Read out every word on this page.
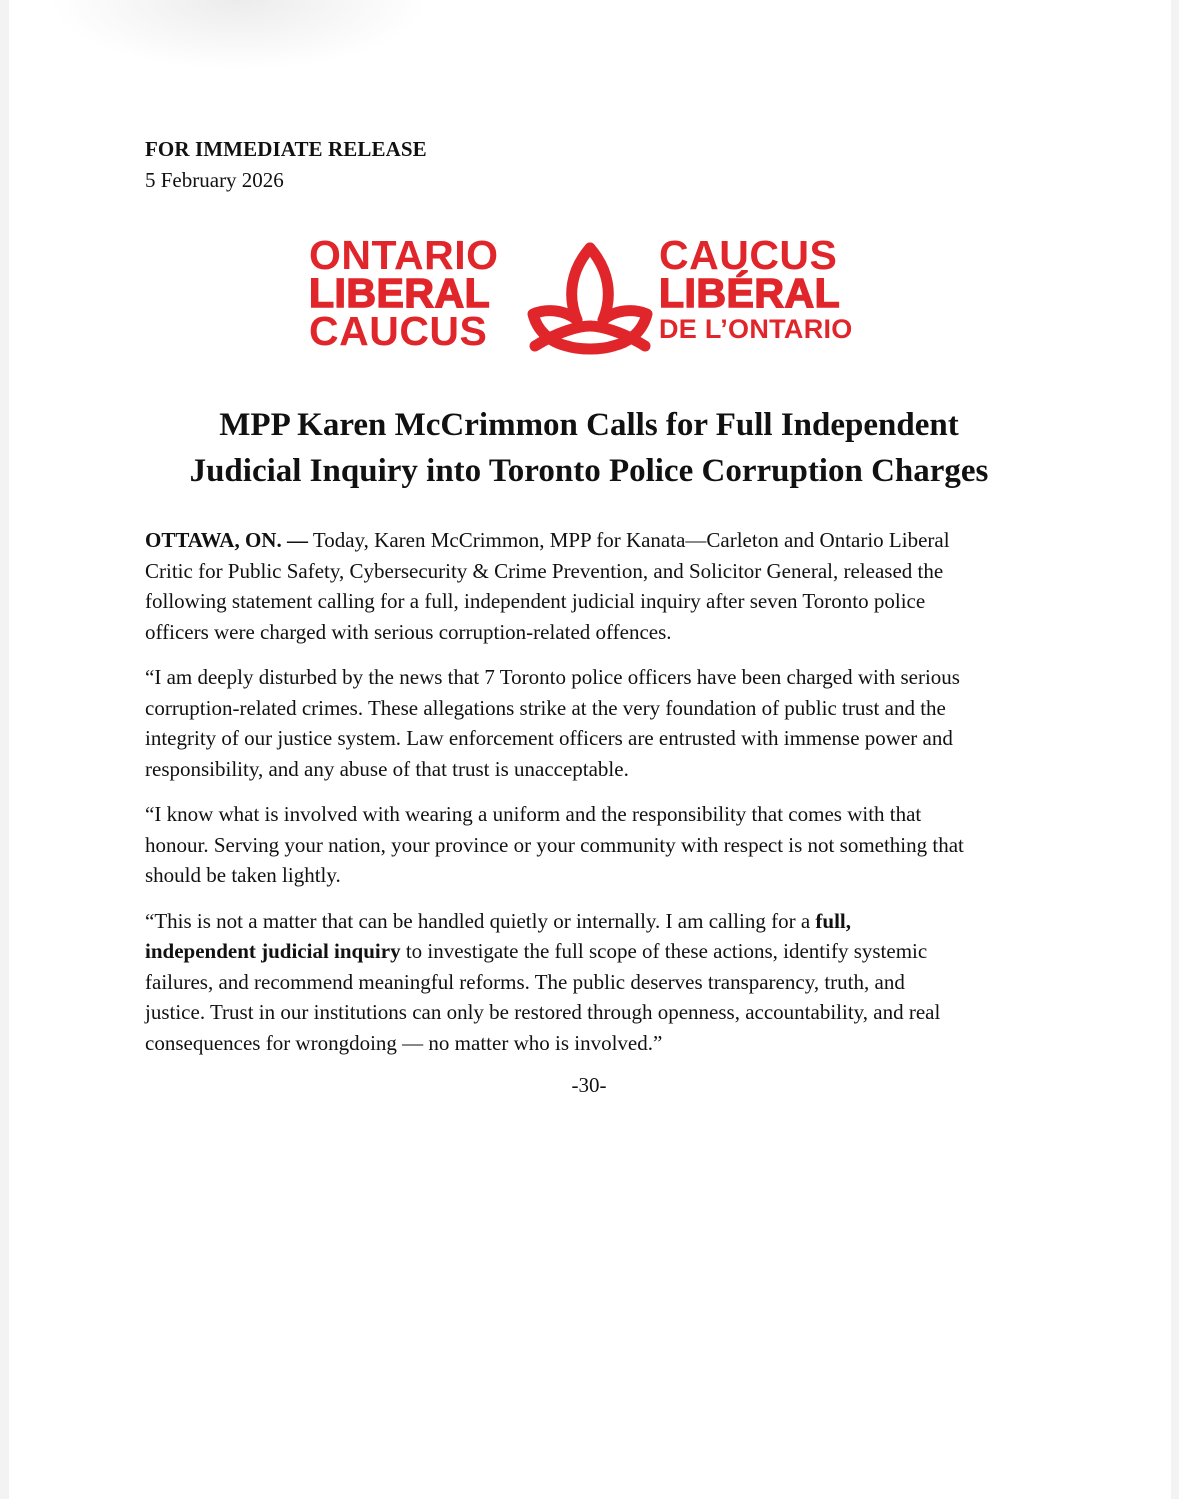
FOR IMMEDIATE RELEASE
5 February 2026
ONTARIO
LIBERAL
CAUCUS
CAUCUS
LIBÉRAL
DE L’ONTARIO
MPP Karen McCrimmon Calls for Full Independent
Judicial Inquiry into Toronto Police Corruption Charges
OTTAWA, ON. — Today, Karen McCrimmon, MPP for Kanata—Carleton and Ontario Liberal
Critic for Public Safety, Cybersecurity & Crime Prevention, and Solicitor General, released the
following statement calling for a full, independent judicial inquiry after seven Toronto police
officers were charged with serious corruption-related offences.
“I am deeply disturbed by the news that 7 Toronto police officers have been charged with serious
corruption-related crimes. These allegations strike at the very foundation of public trust and the
integrity of our justice system. Law enforcement officers are entrusted with immense power and
responsibility, and any abuse of that trust is unacceptable.
“I know what is involved with wearing a uniform and the responsibility that comes with that
honour. Serving your nation, your province or your community with respect is not something that
should be taken lightly.
“This is not a matter that can be handled quietly or internally. I am calling for a full,
independent judicial inquiry to investigate the full scope of these actions, identify systemic
failures, and recommend meaningful reforms. The public deserves transparency, truth, and
justice. Trust in our institutions can only be restored through openness, accountability, and real
consequences for wrongdoing — no matter who is involved.”
-30-
